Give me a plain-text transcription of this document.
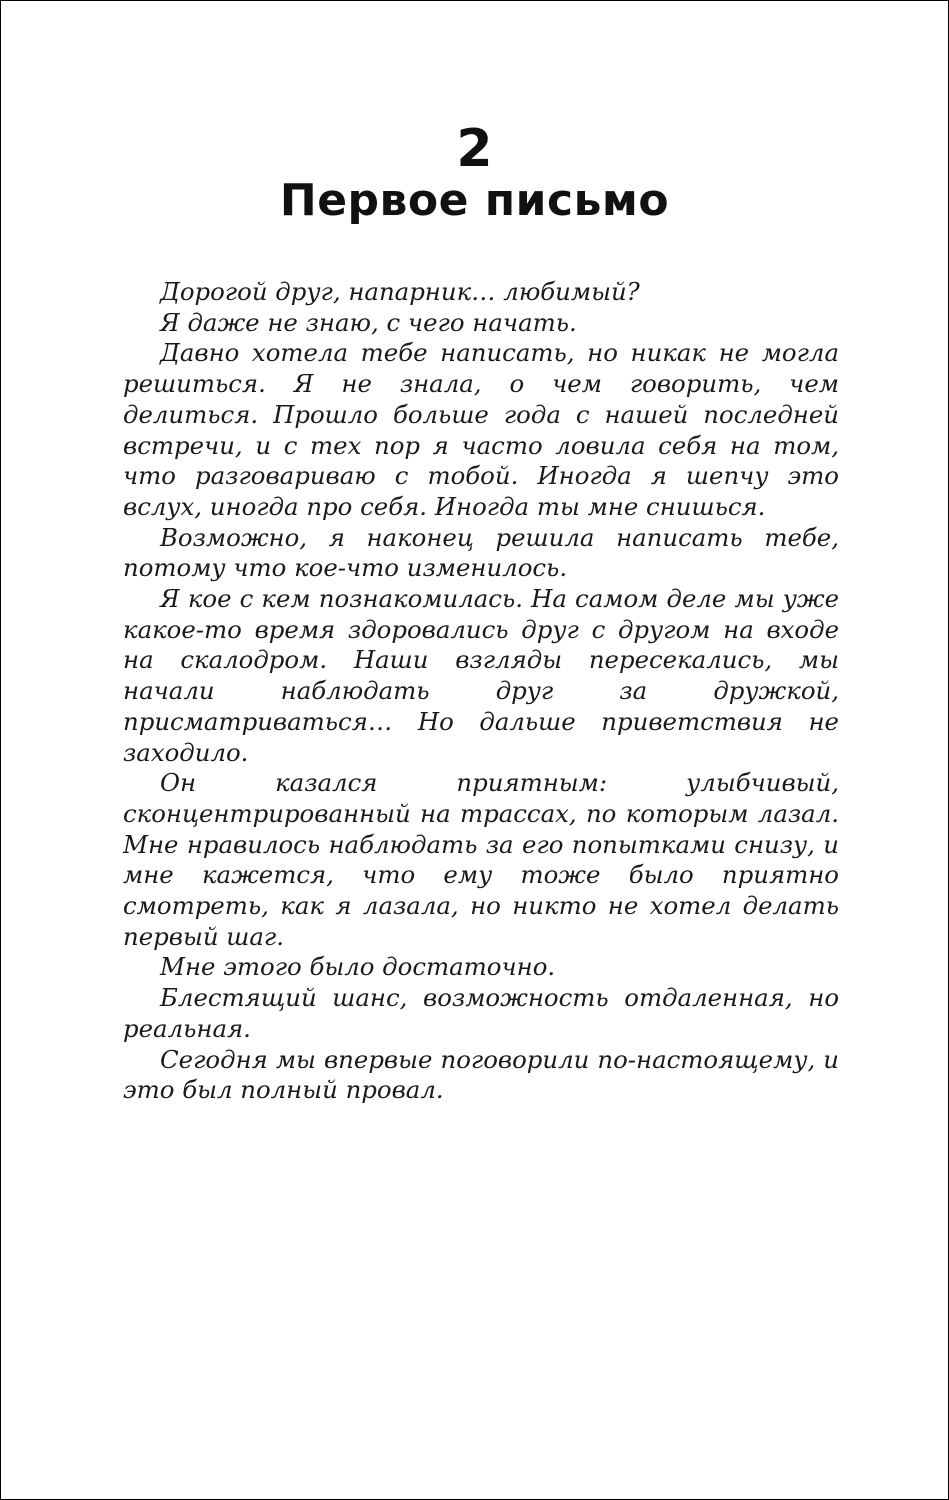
2
Первое письмо

Дорогой друг, напарник… любимый?

Я даже не знаю, с чего начать.

Давно хотела тебе написать, но никак не могла решиться. Я не знала, о чем говорить, чем делиться. Прошло больше года с нашей последней встречи, и с тех пор я часто ловила себя на том, что разговариваю с тобой. Иногда я шепчу это вслух, иногда про себя. Иногда ты мне снишься.

Возможно, я наконец решила написать тебе, потому что кое-что изменилось.

Я кое с кем познакомилась. На самом деле мы уже какое-то время здоровались друг с другом на входе на скалодром. Наши взгляды пересекались, мы начали наблюдать друг за дружкой, присматриваться… Но дальше приветствия не заходило.

Он казался приятным: улыбчивый, сконцентрированный на трассах, по которым лазал. Мне нравилось наблюдать за его попытками снизу, и мне кажется, что ему тоже было приятно смотреть, как я лазала, но никто не хотел делать первый шаг.

Мне этого было достаточно.

Блестящий шанс, возможность отдаленная, но реальная.

Сегодня мы впервые поговорили по-настоящему, и это был полный провал.
